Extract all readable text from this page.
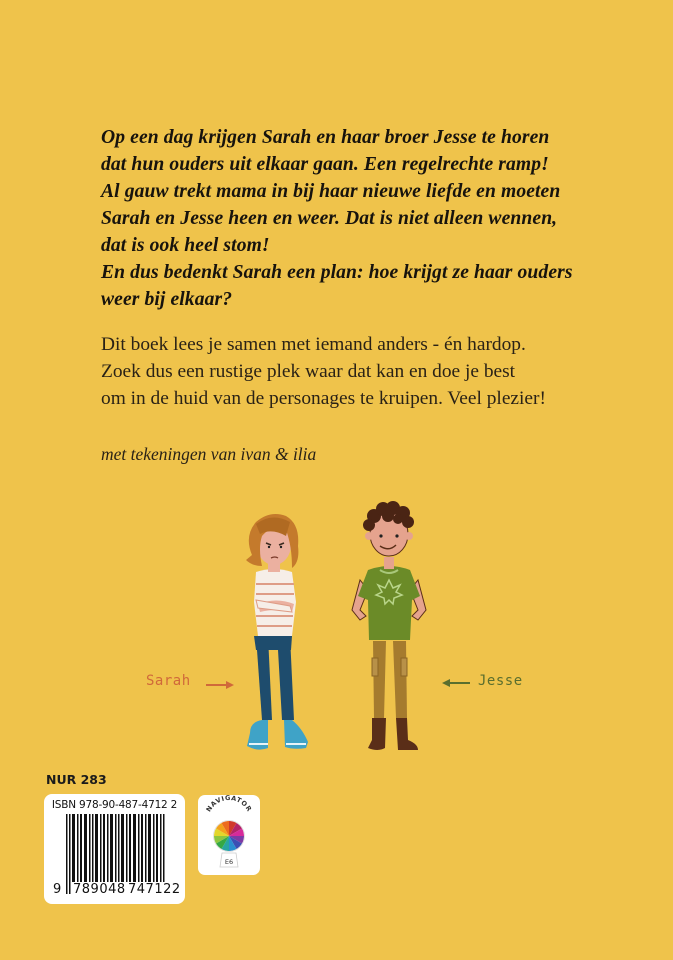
Op een dag krijgen Sarah en haar broer Jesse te horen
dat hun ouders uit elkaar gaan. Een regelrechte ramp!
Al gauw trekt mama in bij haar nieuwe liefde en moeten
Sarah en Jesse heen en weer. Dat is niet alleen wennen,
dat is ook heel stom!
En dus bedenkt Sarah een plan: hoe krijgt ze haar ouders
weer bij elkaar?
Dit boek lees je samen met iemand anders - én hardop.
Zoek dus een rustige plek waar dat kan en doe je best
om in de huid van de personages te kruipen. Veel plezier!
met tekeningen van ivan & ilia
Sarah	Jesse
NUR 283
ISBN 978-90-487-4712 2
9 789048 747122
NAVIGATOR
E6
